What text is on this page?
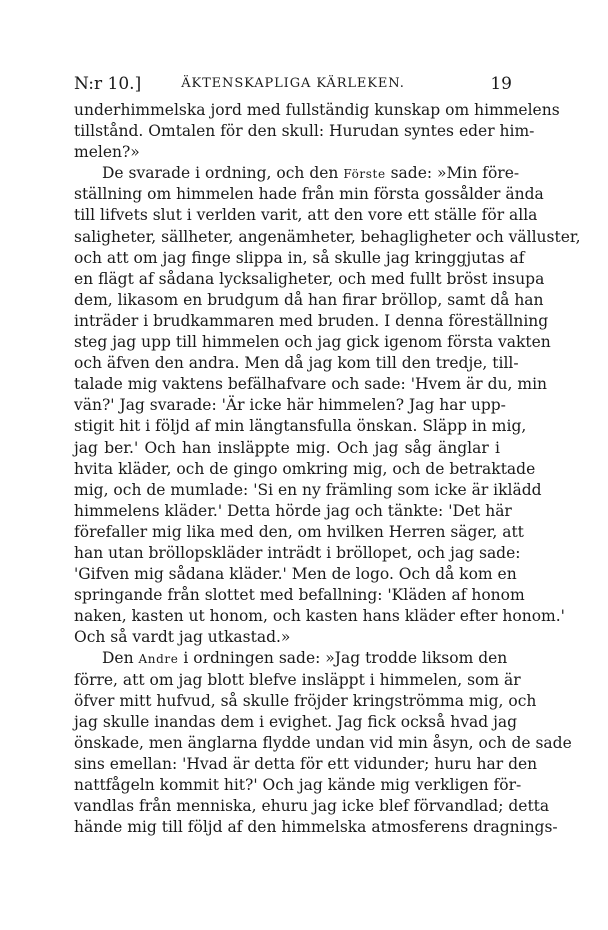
N:r 10.]	ÄKTENSKAPLIGA KÄRLEKEN.	19
underhimmelska jord med fullständig kunskap om himmelens
tillstånd. Omtalen för den skull: Hurudan syntes eder him-
melen?»
De svarade i ordning, och den Förste sade: »Min före-
ställning om himmelen hade från min första gossålder ända
till lifvets slut i verlden varit, att den vore ett ställe för alla
saligheter, sällheter, angenämheter, behagligheter och välluster,
och att om jag finge slippa in, så skulle jag kringgjutas af
en flägt af sådana lycksaligheter, och med fullt bröst insupa
dem, likasom en brudgum då han firar bröllop, samt då han
inträder i brudkammaren med bruden. I denna föreställning
steg jag upp till himmelen och jag gick igenom första vakten
och äfven den andra. Men då jag kom till den tredje, till-
talade mig vaktens befälhafvare och sade: 'Hvem är du, min
vän?' Jag svarade: 'Är icke här himmelen? Jag har upp-
stigit hit i följd af min längtansfulla önskan. Släpp in mig,
jag ber.' Och han insläppte mig. Och jag såg änglar i
hvita kläder, och de gingo omkring mig, och de betraktade
mig, och de mumlade: 'Si en ny främling som icke är iklädd
himmelens kläder.' Detta hörde jag och tänkte: 'Det här
förefaller mig lika med den, om hvilken Herren säger, att
han utan bröllopskläder inträdt i bröllopet, och jag sade:
'Gifven mig sådana kläder.' Men de logo. Och då kom en
springande från slottet med befallning: 'Kläden af honom
naken, kasten ut honom, och kasten hans kläder efter honom.'
Och så vardt jag utkastad.»
Den Andre i ordningen sade: »Jag trodde liksom den
förre, att om jag blott blefve insläppt i himmelen, som är
öfver mitt hufvud, så skulle fröjder kringströmma mig, och
jag skulle inandas dem i evighet. Jag fick också hvad jag
önskade, men änglarna flydde undan vid min åsyn, och de sade
sins emellan: 'Hvad är detta för ett vidunder; huru har den
nattfågeln kommit hit?' Och jag kände mig verkligen för-
vandlas från menniska, ehuru jag icke blef förvandlad; detta
hände mig till följd af den himmelska atmosferens dragnings-
